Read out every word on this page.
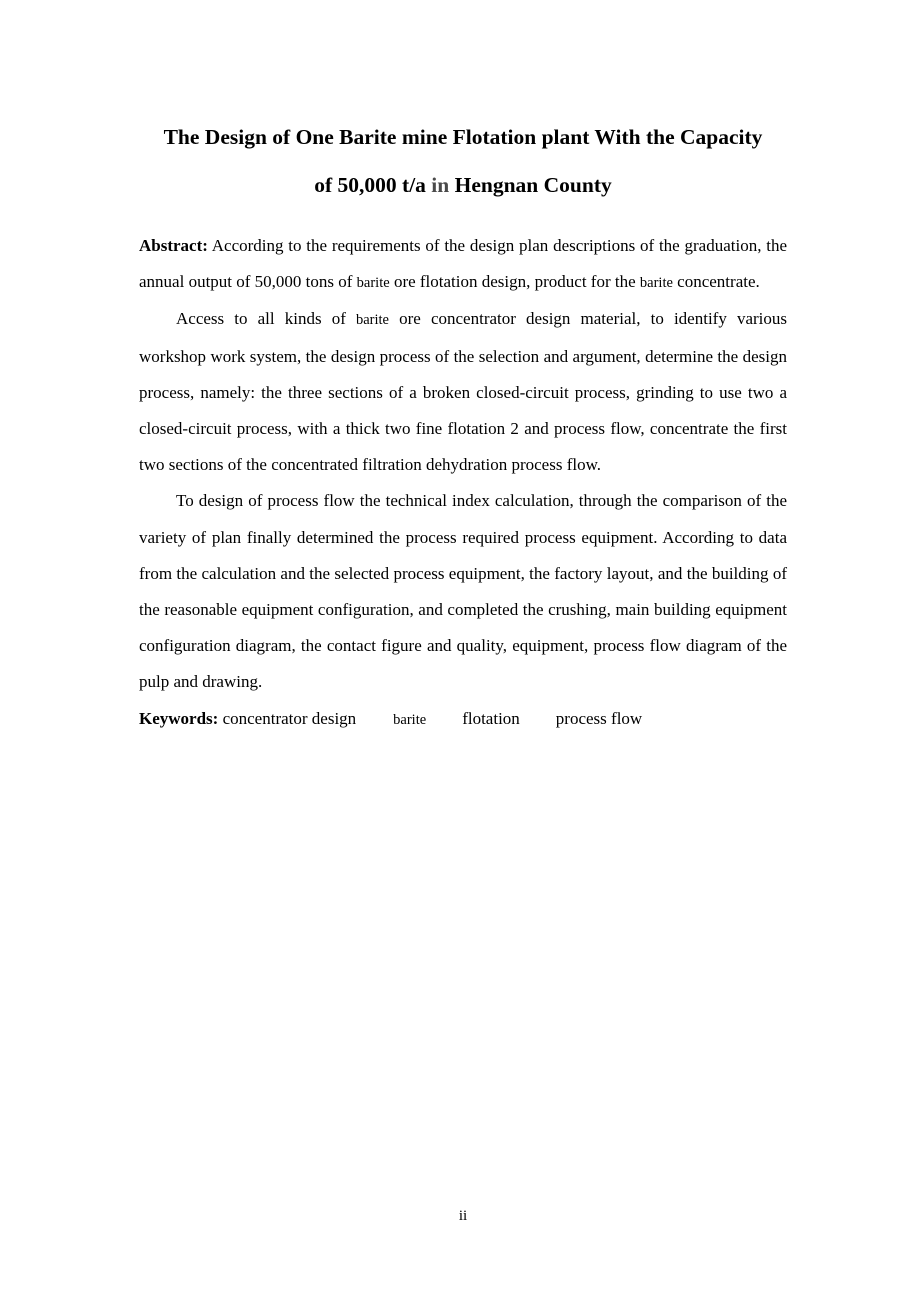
The Design of One Barite mine Flotation plant With the Capacity
of 50,000 t/a in Hengnan County

Abstract: According to the requirements of the design plan descriptions of the graduation, the annual output of 50,000 tons of barite ore flotation design, product for the barite concentrate.

Access to all kinds of barite ore concentrator design material, to identify various workshop work system, the design process of the selection and argument, determine the design process, namely: the three sections of a broken closed-circuit process, grinding to use two a closed-circuit process, with a thick two fine flotation 2 and process flow, concentrate the first two sections of the concentrated filtration dehydration process flow.

To design of process flow the technical index calculation, through the comparison of the variety of plan finally determined the process required process equipment. According to data from the calculation and the selected process equipment, the factory layout, and the building of the reasonable equipment configuration, and completed the crushing, main building equipment configuration diagram, the contact figure and quality, equipment, process flow diagram of the pulp and drawing.

Keywords: concentrator design	barite flotation process flow

ii
